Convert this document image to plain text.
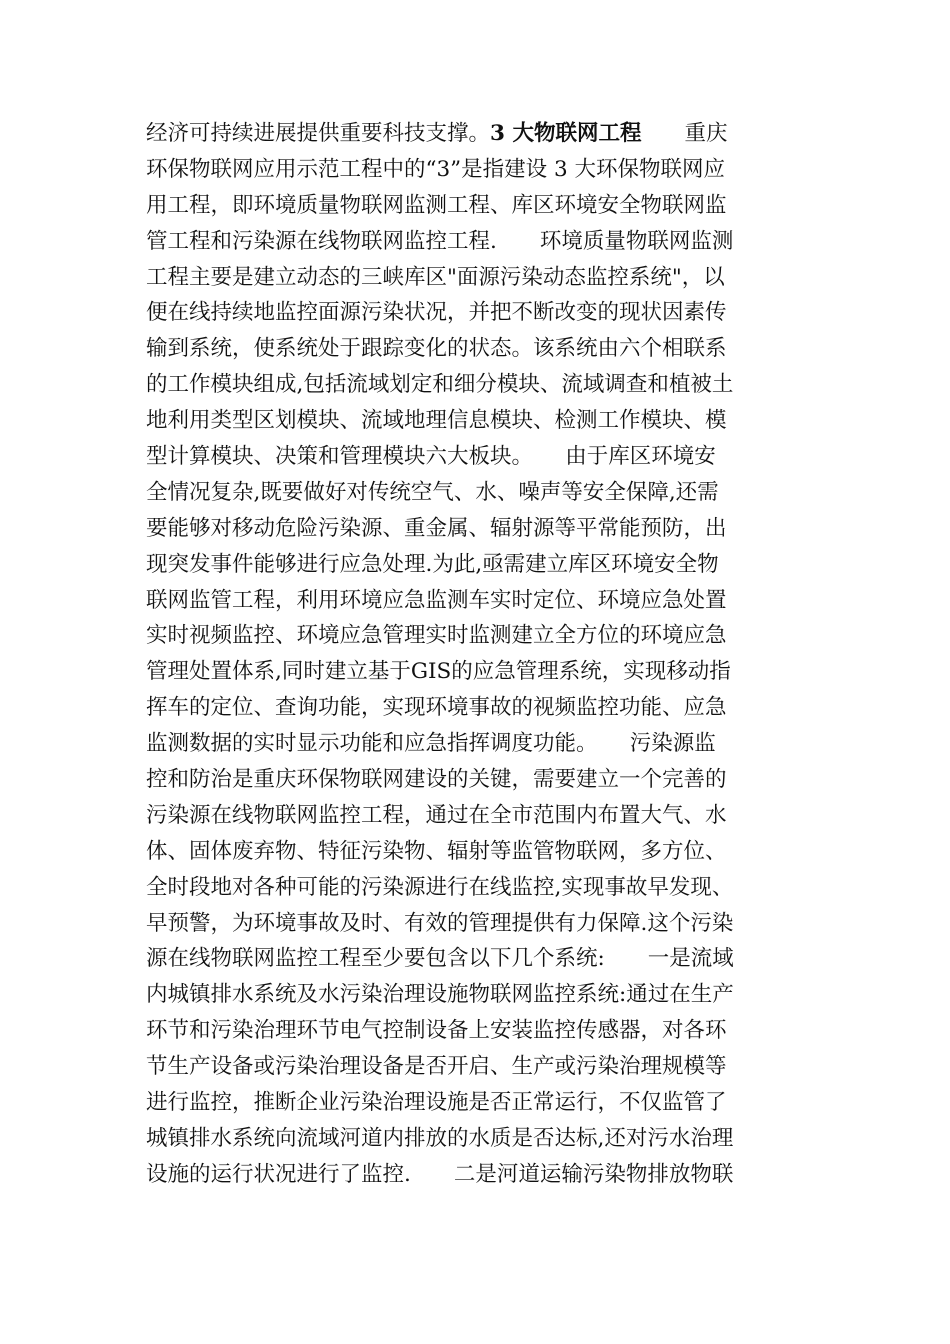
经济可持续进展提供重要科技支撑。3 大物联网工程　　重庆
环保物联网应用示范工程中的“3”是指建设 3 大环保物联网应
用工程，即环境质量物联网监测工程、库区环境安全物联网监
管工程和污染源在线物联网监控工程.　　环境质量物联网监测
工程主要是建立动态的三峡库区"面源污染动态监控系统"，以
便在线持续地监控面源污染状况，并把不断改变的现状因素传
输到系统，使系统处于跟踪变化的状态。该系统由六个相联系
的工作模块组成,包括流域划定和细分模块、流域调查和植被土
地利用类型区划模块、流域地理信息模块、检测工作模块、模
型计算模块、决策和管理模块六大板块。　　由于库区环境安
全情况复杂,既要做好对传统空气、水、噪声等安全保障,还需
要能够对移动危险污染源、重金属、辐射源等平常能预防，出
现突发事件能够进行应急处理.为此,亟需建立库区环境安全物
联网监管工程，利用环境应急监测车实时定位、环境应急处置
实时视频监控、环境应急管理实时监测建立全方位的环境应急
管理处置体系,同时建立基于GIS的应急管理系统，实现移动指
挥车的定位、查询功能，实现环境事故的视频监控功能、应急
监测数据的实时显示功能和应急指挥调度功能。　　污染源监
控和防治是重庆环保物联网建设的关键，需要建立一个完善的
污染源在线物联网监控工程，通过在全市范围内布置大气、水
体、固体废弃物、特征污染物、辐射等监管物联网，多方位、
全时段地对各种可能的污染源进行在线监控,实现事故早发现、
早预警，为环境事故及时、有效的管理提供有力保障.这个污染
源在线物联网监控工程至少要包含以下几个系统:　　一是流域
内城镇排水系统及水污染治理设施物联网监控系统:通过在生产
环节和污染治理环节电气控制设备上安装监控传感器，对各环
节生产设备或污染治理设备是否开启、生产或污染治理规模等
进行监控，推断企业污染治理设施是否正常运行，不仅监管了
城镇排水系统向流域河道内排放的水质是否达标,还对污水治理
设施的运行状况进行了监控.　　二是河道运输污染物排放物联
